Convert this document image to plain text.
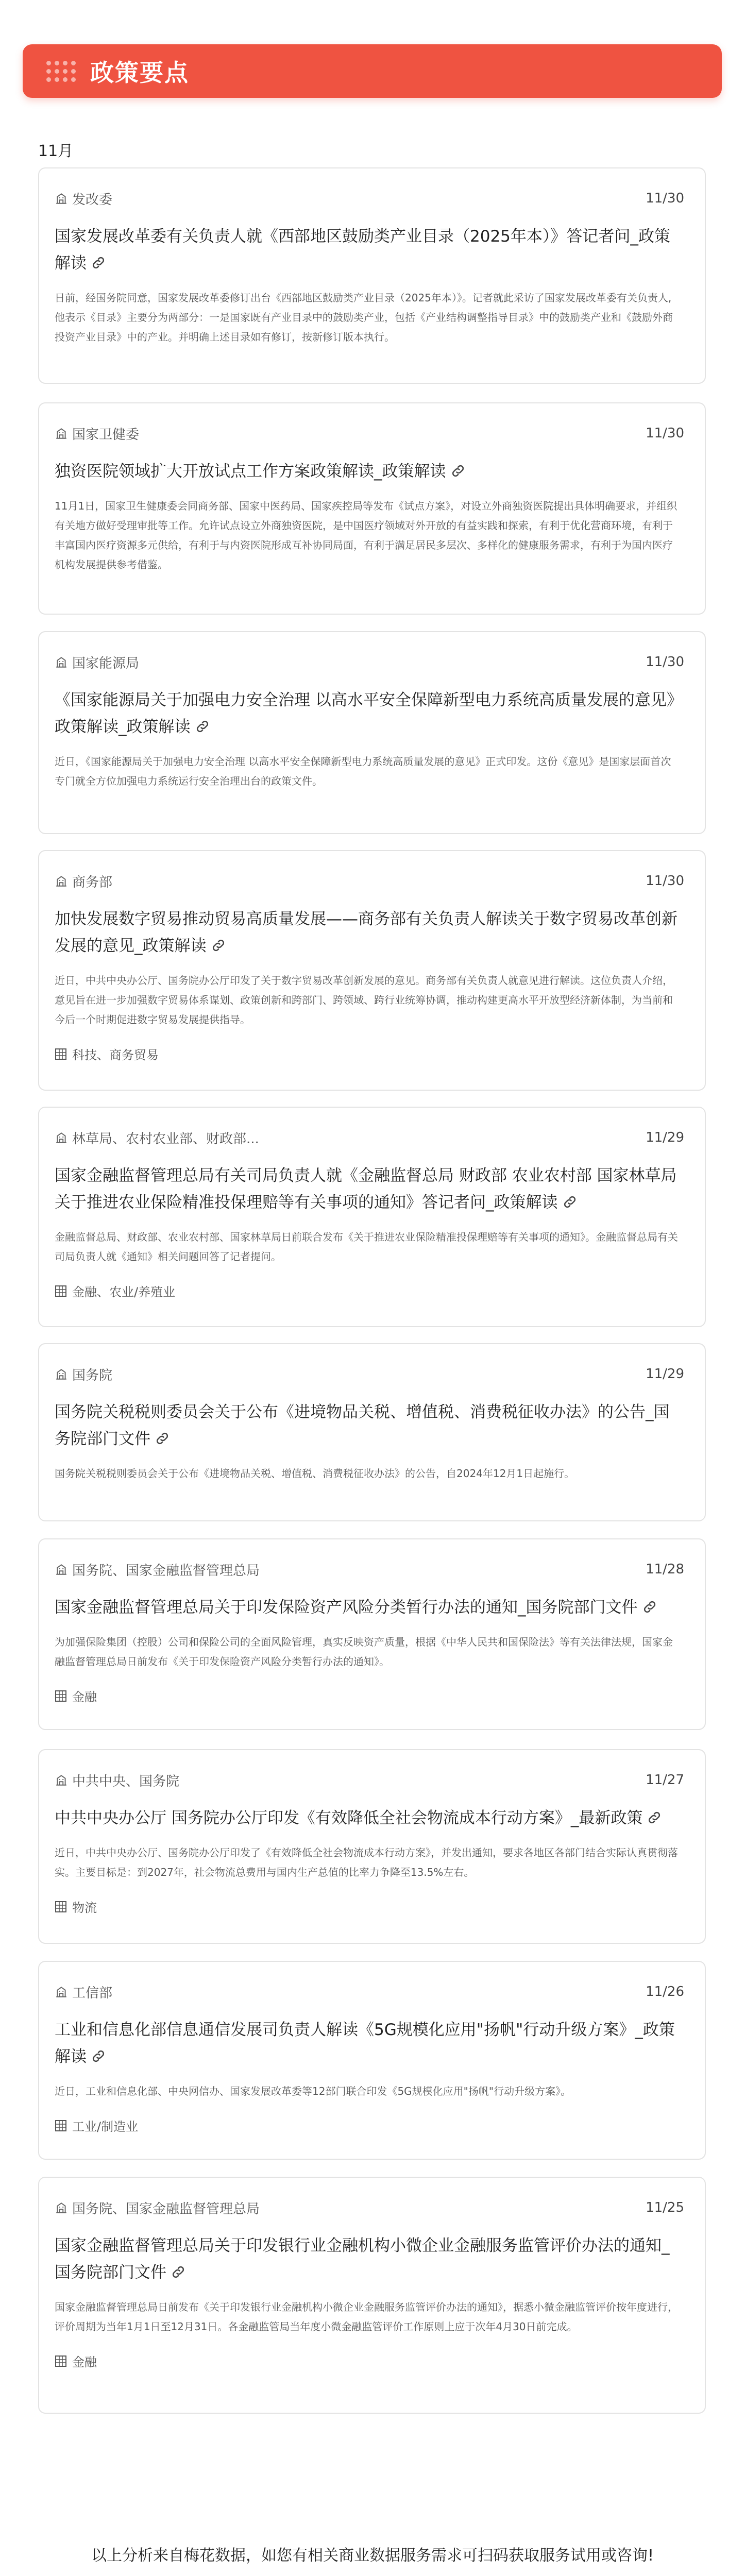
政策要点
11月
发改委	11/30
国家发展改革委有关负责人就《西部地区鼓励类产业目录（2025年本）》答记者问_政策解读
日前，经国务院同意，国家发展改革委修订出台《西部地区鼓励类产业目录（2025年本）》。记者就此采访了国家发展改革委有关负责人,他表示《目录》主要分为两部分：一是国家既有产业目录中的鼓励类产业，包括《产业结构调整指导目录》中的鼓励类产业和《鼓励外商投资产业目录》中的产业。并明确上述目录如有修订，按新修订版本执行。
国家卫健委	11/30
独资医院领域扩大开放试点工作方案政策解读_政策解读
11月1日，国家卫生健康委会同商务部、国家中医药局、国家疾控局等发布《试点方案》，对设立外商独资医院提出具体明确要求，并组织有关地方做好受理审批等工作。允许试点设立外商独资医院，是中国医疗领域对外开放的有益实践和探索，有利于优化营商环境，有利于丰富国内医疗资源多元供给，有利于与内资医院形成互补协同局面，有利于满足居民多层次、多样化的健康服务需求，有利于为国内医疗机构发展提供参考借鉴。
国家能源局	11/30
《国家能源局关于加强电力安全治理 以高水平安全保障新型电力系统高质量发展的意见》政策解读_政策解读
近日，《国家能源局关于加强电力安全治理 以高水平安全保障新型电力系统高质量发展的意见》正式印发。这份《意见》是国家层面首次专门就全方位加强电力系统运行安全治理出台的政策文件。
商务部	11/30
加快发展数字贸易推动贸易高质量发展——商务部有关负责人解读关于数字贸易改革创新发展的意见_政策解读
近日，中共中央办公厅、国务院办公厅印发了关于数字贸易改革创新发展的意见。商务部有关负责人就意见进行解读。这位负责人介绍，意见旨在进一步加强数字贸易体系谋划、政策创新和跨部门、跨领域、跨行业统筹协调，推动构建更高水平开放型经济新体制，为当前和今后一个时期促进数字贸易发展提供指导。
科技、商务贸易
林草局、农村农业部、财政部...	11/29
国家金融监督管理总局有关司局负责人就《金融监督总局 财政部 农业农村部 国家林草局关于推进农业保险精准投保理赔等有关事项的通知》答记者问_政策解读
金融监督总局、财政部、农业农村部、国家林草局日前联合发布《关于推进农业保险精准投保理赔等有关事项的通知》。金融监督总局有关司局负责人就《通知》相关问题回答了记者提问。
金融、农业/养殖业
国务院	11/29
国务院关税税则委员会关于公布《进境物品关税、增值税、消费税征收办法》的公告_国务院部门文件
国务院关税税则委员会关于公布《进境物品关税、增值税、消费税征收办法》的公告，自2024年12月1日起施行。
国务院、国家金融监督管理总局	11/28
国家金融监督管理总局关于印发保险资产风险分类暂行办法的通知_国务院部门文件
为加强保险集团（控股）公司和保险公司的全面风险管理，真实反映资产质量，根据《中华人民共和国保险法》等有关法律法规，国家金融监督管理总局日前发布《关于印发保险资产风险分类暂行办法的通知》。
金融
中共中央、国务院	11/27
中共中央办公厅 国务院办公厅印发《有效降低全社会物流成本行动方案》_最新政策
近日，中共中央办公厅、国务院办公厅印发了《有效降低全社会物流成本行动方案》，并发出通知，要求各地区各部门结合实际认真贯彻落实。主要目标是：到2027年，社会物流总费用与国内生产总值的比率力争降至13.5%左右。
物流
工信部	11/26
工业和信息化部信息通信发展司负责人解读《5G规模化应用"扬帆"行动升级方案》_政策解读
近日，工业和信息化部、中央网信办、国家发展改革委等12部门联合印发《5G规模化应用"扬帆"行动升级方案》。
工业/制造业
国务院、国家金融监督管理总局	11/25
国家金融监督管理总局关于印发银行业金融机构小微企业金融服务监管评价办法的通知_国务院部门文件
国家金融监督管理总局日前发布《关于印发银行业金融机构小微企业金融服务监管评价办法的通知》，据悉小微金融监管评价按年度进行，评价周期为当年1月1日至12月31日。各金融监管局当年度小微金融监管评价工作原则上应于次年4月30日前完成。
金融
以上分析来自梅花数据，如您有相关商业数据服务需求可扫码获取服务试用或咨询!
